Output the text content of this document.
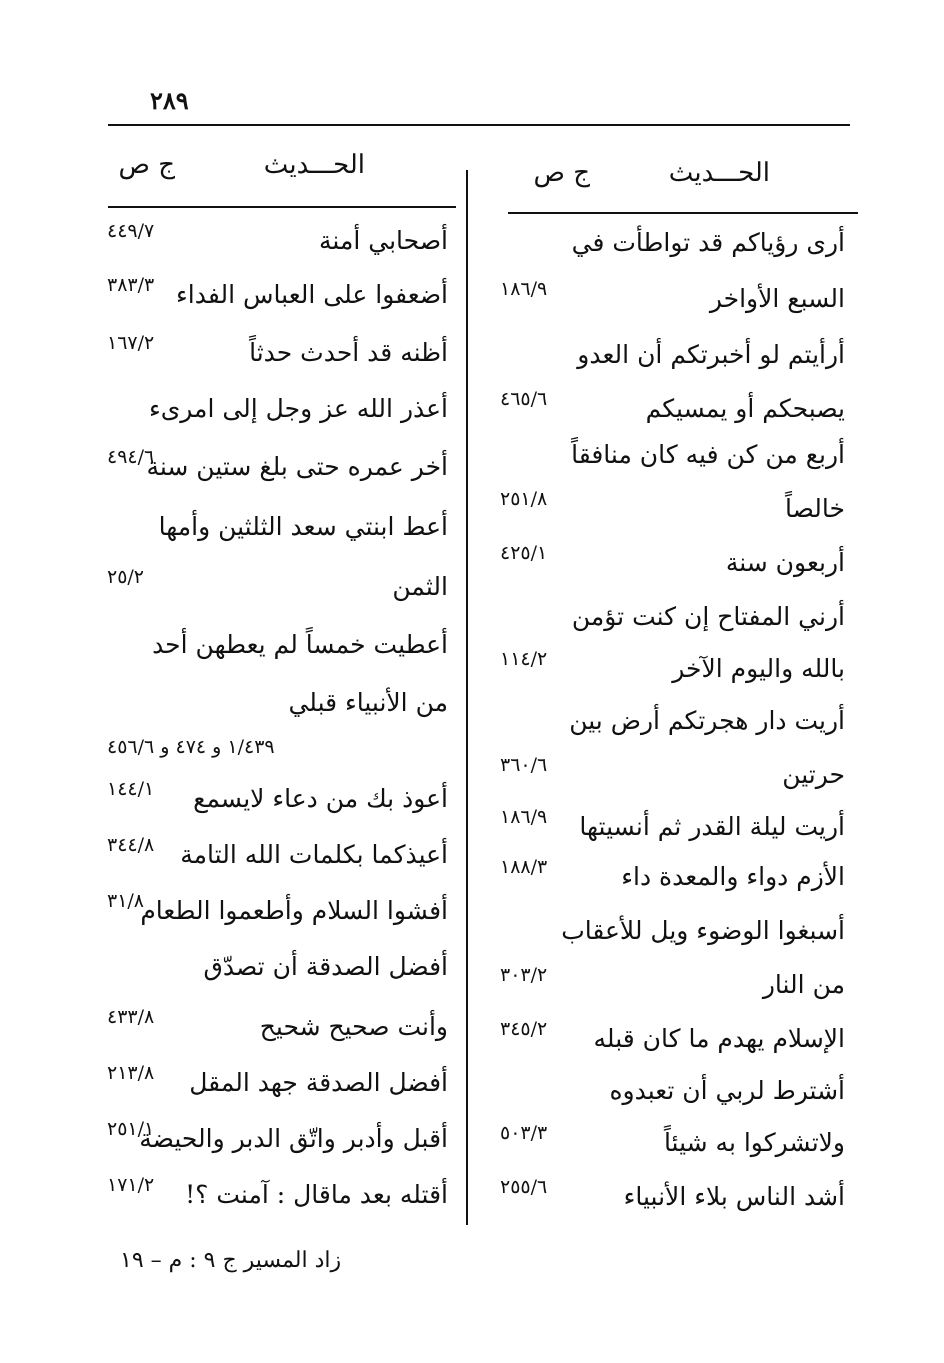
٢٨٩
الحـــديث
ج ص
أرى رؤياكم قد تواطأت في
السبع الأواخر
١٨٦/٩
أرأيتم لو أخبرتكم أن العدو
يصبحكم أو يمسيكم
٤٦٥/٦
أربع من كن فيه كان منافقاً
خالصاً
٢٥١/٨
أربعون سنة
٤٢٥/١
أرني المفتاح إن كنت تؤمن
بالله واليوم الآخر
١١٤/٢
أريت دار هجرتكم أرض بين
حرتين
٣٦٠/٦
أريت ليلة القدر ثم أنسيتها
١٨٦/٩
الأزم دواء والمعدة داء
١٨٨/٣
أسبغوا الوضوء ويل للأعقاب
من النار
٣٠٣/٢
الإسلام يهدم ما كان قبله
٣٤٥/٢
أشترط لربي أن تعبدوه
ولاتشركوا به شيئاً
٥٠٣/٣
أشد الناس بلاء الأنبياء
٢٥٥/٦
الحـــديث
ج ص
أصحابي أمنة
٤٤٩/٧
أضعفوا على العباس الفداء
٣٨٣/٣
أظنه قد أحدث حدثاً
١٦٧/٢
أعذر الله عز وجل إلى امرىء
أخر عمره حتى بلغ ستين سنة
٤٩٤/٦
أعط ابنتي سعد الثلثين وأمها
الثمن
٢٥/٢
أعطيت خمساً لم يعطهن أحد
من الأنبياء قبلي
١/٤٣٩ و ٤٧٤ و ٤٥٦/٦
أعوذ بك من دعاء لايسمع
١٤٤/١
أعيذكما بكلمات الله التامة
٣٤٤/٨
أفشوا السلام وأطعموا الطعام
٣١/٨
أفضل الصدقة أن تصدّق
وأنت صحيح شحيح
٤٣٣/٨
أفضل الصدقة جهد المقل
٢١٣/٨
أقبل وأدبر واتّق الدبر والحيضة
٢٥١/١
أقتله بعد ماقال : آمنت ؟!
١٧١/٢
زاد المسير ج ٩ : م – ١٩
